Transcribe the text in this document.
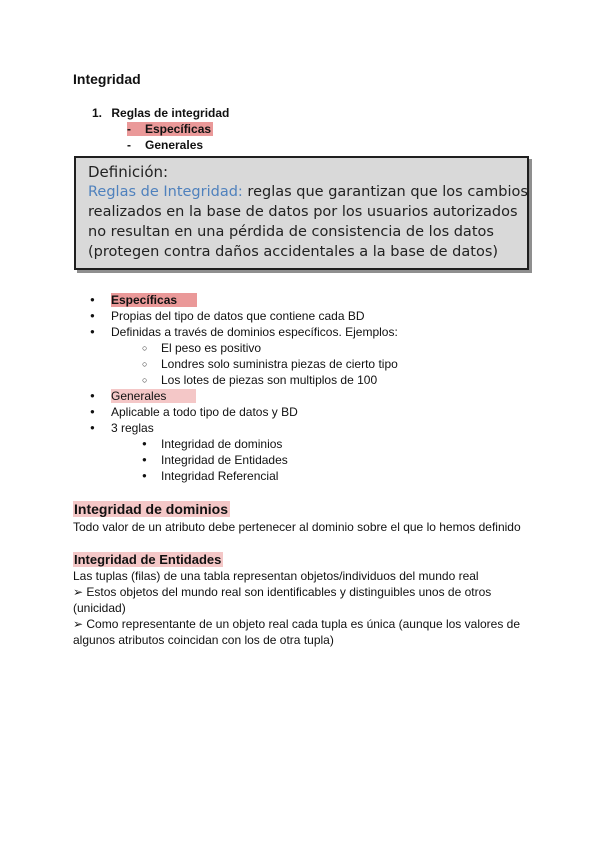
Integridad
1. Reglas de integridad
- Específicas
- Generales
Definición:
Reglas de Integridad: reglas que garantizan que los cambios realizados en la base de datos por los usuarios autorizados no resultan en una pérdida de consistencia de los datos (protegen contra daños accidentales a la base de datos)
● Específicas
● Propias del tipo de datos que contiene cada BD
● Definidas a través de dominios específicos. Ejemplos:
○ El peso es positivo
○ Londres solo suministra piezas de cierto tipo
○ Los lotes de piezas son multiplos de 100
● Generales
● Aplicable a todo tipo de datos y BD
● 3 reglas
● Integridad de dominios
● Integridad de Entidades
● Integridad Referencial
Integridad de dominios
Todo valor de un atributo debe pertenecer al dominio sobre el que lo hemos definido
Integridad de Entidades
Las tuplas (filas) de una tabla representan objetos/individuos del mundo real
➢ Estos objetos del mundo real son identificables y distinguibles unos de otros (unicidad)
➢ Como representante de un objeto real cada tupla es única (aunque los valores de algunos atributos coincidan con los de otra tupla)
